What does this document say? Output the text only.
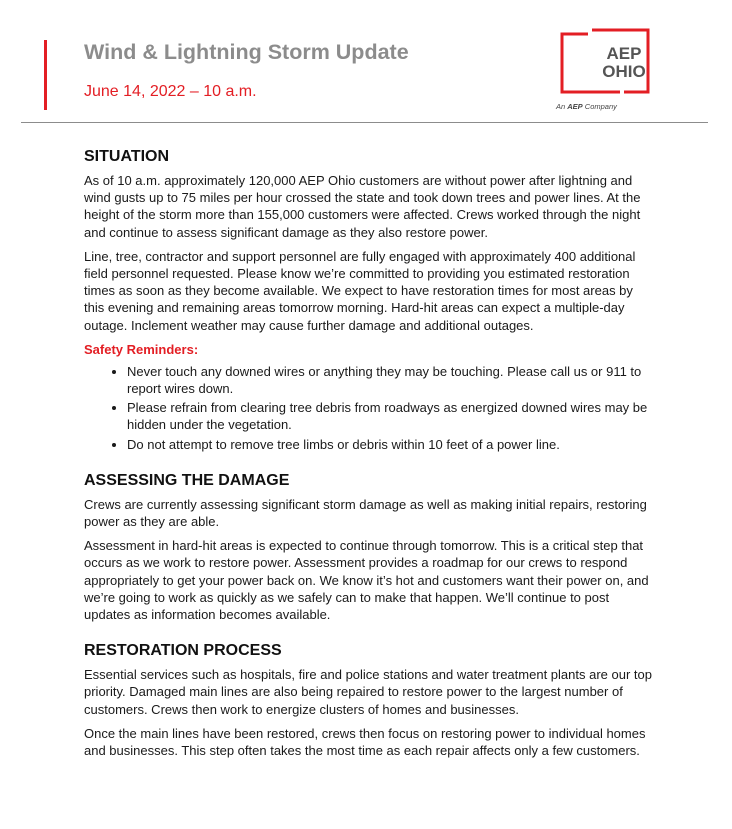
Wind & Lightning Storm Update
June 14, 2022 – 10 a.m.
AEP
OHIO
An AEP Company
SITUATION

As of 10 a.m. approximately 120,000 AEP Ohio customers are without power after lightning and wind gusts up to 75 miles per hour crossed the state and took down trees and power lines. At the height of the storm more than 155,000 customers were affected. Crews worked through the night and continue to assess significant damage as they also restore power.

Line, tree, contractor and support personnel are fully engaged with approximately 400 additional field personnel requested. Please know we’re committed to providing you estimated restoration times as soon as they become available. We expect to have restoration times for most areas by this evening and remaining areas tomorrow morning. Hard-hit areas can expect a multiple-day outage. Inclement weather may cause further damage and additional outages.

Safety Reminders:
• Never touch any downed wires or anything they may be touching. Please call us or 911 to report wires down.
• Please refrain from clearing tree debris from roadways as energized downed wires may be hidden under the vegetation.
• Do not attempt to remove tree limbs or debris within 10 feet of a power line.
ASSESSING THE DAMAGE

Crews are currently assessing significant storm damage as well as making initial repairs, restoring power as they are able.

Assessment in hard-hit areas is expected to continue through tomorrow. This is a critical step that occurs as we work to restore power. Assessment provides a roadmap for our crews to respond appropriately to get your power back on. We know it’s hot and customers want their power on, and we’re going to work as quickly as we safely can to make that happen. We’ll continue to post updates as information becomes available.

RESTORATION PROCESS

Essential services such as hospitals, fire and police stations and water treatment plants are our top priority. Damaged main lines are also being repaired to restore power to the largest number of customers. Crews then work to energize clusters of homes and businesses.

Once the main lines have been restored, crews then focus on restoring power to individual homes and businesses. This step often takes the most time as each repair affects only a few customers.
